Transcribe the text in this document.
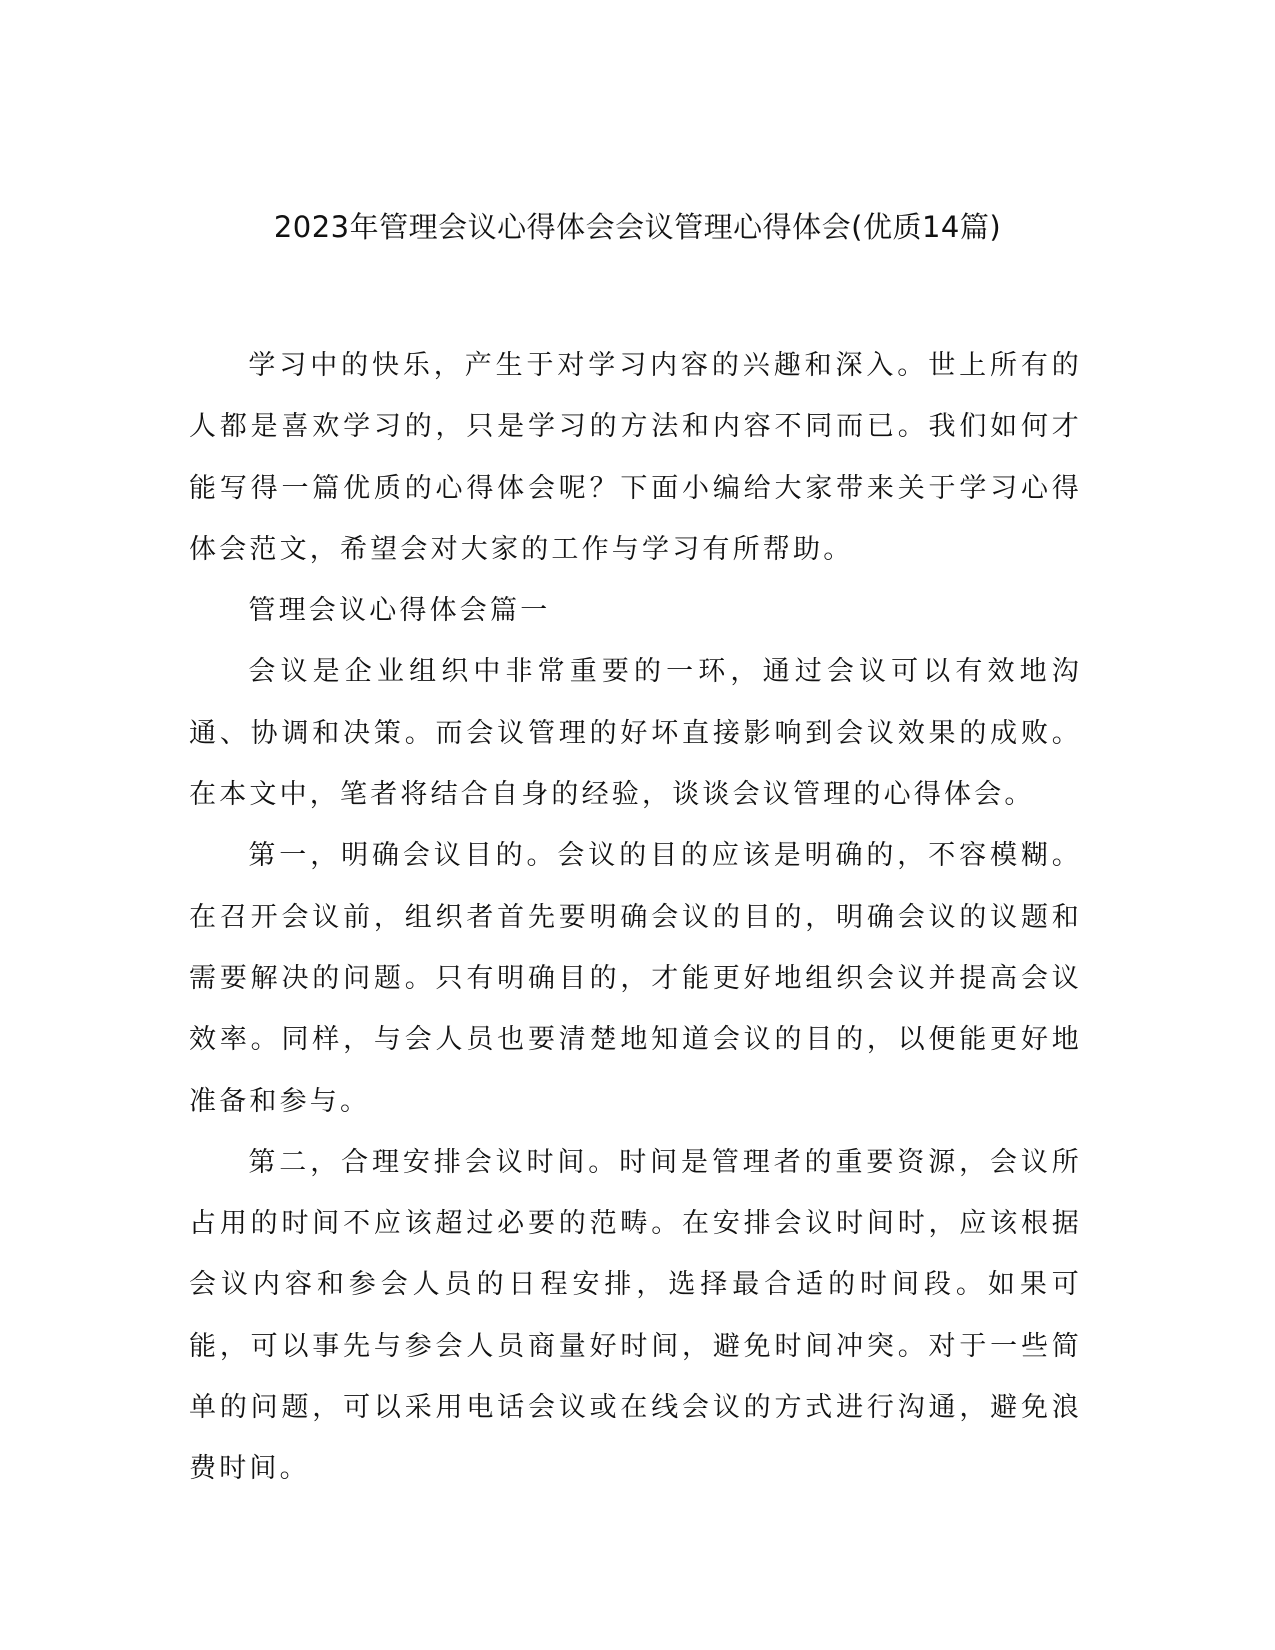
2023年管理会议心得体会会议管理心得体会(优质14篇)

学习中的快乐，产生于对学习内容的兴趣和深入。世上所有的人都是喜欢学习的，只是学习的方法和内容不同而已。我们如何才能写得一篇优质的心得体会呢？下面小编给大家带来关于学习心得体会范文，希望会对大家的工作与学习有所帮助。

管理会议心得体会篇一

会议是企业组织中非常重要的一环，通过会议可以有效地沟通、协调和决策。而会议管理的好坏直接影响到会议效果的成败。在本文中，笔者将结合自身的经验，谈谈会议管理的心得体会。

第一，明确会议目的。会议的目的应该是明确的，不容模糊。在召开会议前，组织者首先要明确会议的目的，明确会议的议题和需要解决的问题。只有明确目的，才能更好地组织会议并提高会议效率。同样，与会人员也要清楚地知道会议的目的，以便能更好地准备和参与。

第二，合理安排会议时间。时间是管理者的重要资源，会议所占用的时间不应该超过必要的范畴。在安排会议时间时，应该根据会议内容和参会人员的日程安排，选择最合适的时间段。如果可能，可以事先与参会人员商量好时间，避免时间冲突。对于一些简单的问题，可以采用电话会议或在线会议的方式进行沟通，避免浪费时间。
